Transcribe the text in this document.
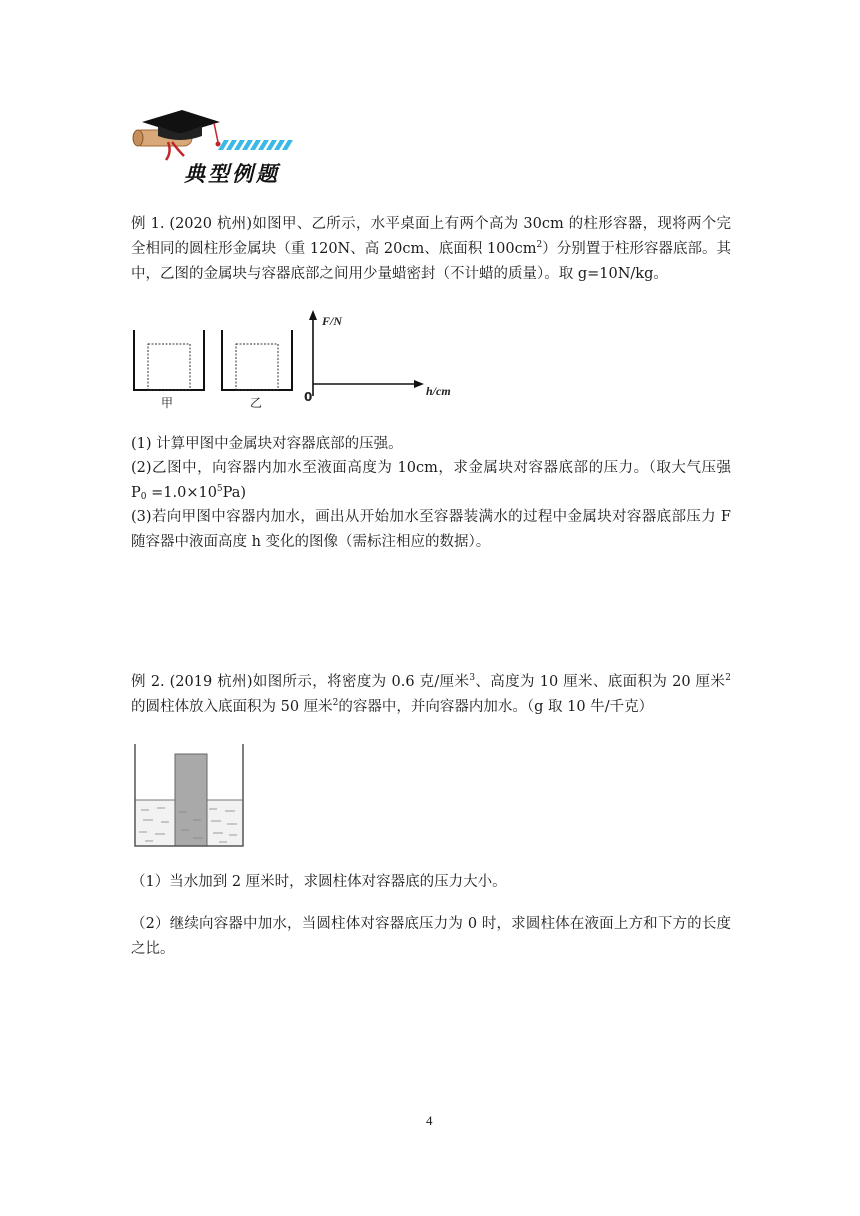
典型例题
例 1. (2020 杭州)如图甲、乙所示，水平桌面上有两个高为 30cm 的柱形容器，现将两个完全相同的圆柱形金属块（重 120N、高 20cm、底面积 $100cm^2$）分别置于柱形容器底部。其中，乙图的金属块与容器底部之间用少量蜡密封（不计蜡的质量）。取 g=10N/kg。
甲	乙
F/N
h/cm
0
(1) 计算甲图中金属块对容器底部的压强。
(2)乙图中，向容器内加水至液面高度为 10cm，求金属块对容器底部的压力。（取大气压强 $P_0 =1.0\times 10^5Pa$)
(3)若向甲图中容器内加水，画出从开始加水至容器装满水的过程中金属块对容器底部压力 F 随容器中液面高度 h 变化的图像（需标注相应的数据）。
例 2. (2019 杭州)如图所示，将密度为 0.6 克/厘米$^3$、高度为 10 厘米、底面积为 20 厘米$^2$的圆柱体放入底面积为 50 厘米$^2$的容器中，并向容器内加水。（g 取 10 牛/千克）
（1）当水加到 2 厘米时，求圆柱体对容器底的压力大小。
（2）继续向容器中加水，当圆柱体对容器底压力为 0 时，求圆柱体在液面上方和下方的长度之比。
4
